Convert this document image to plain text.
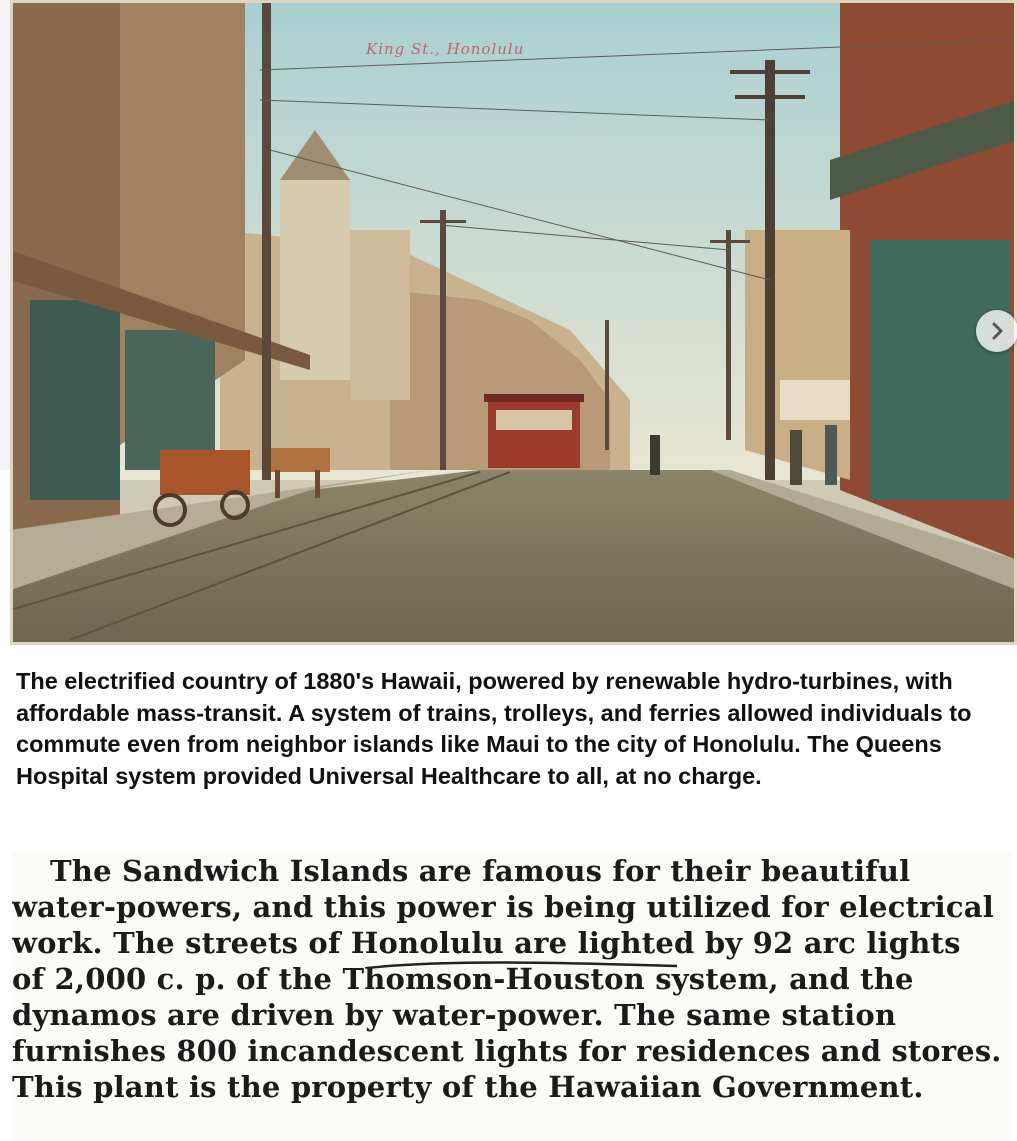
King St., Honolulu

The electrified country of 1880's Hawaii, powered by renewable hydro-turbines, with affordable mass-transit. A system of trains, trolleys, and ferries allowed individuals to commute even from neighbor islands like Maui to the city of Honolulu. The Queens Hospital system provided Universal Healthcare to all, at no charge.

The Sandwich Islands are famous for their beautiful
water-powers, and this power is being utilized for electrical
work. The streets of Honolulu are lighted by 92 arc lights
of 2,000 c. p. of the Thomson-Houston system, and the
dynamos are driven by water-power. The same station
furnishes 800 incandescent lights for residences and stores.
This plant is the property of the Hawaiian Government.
